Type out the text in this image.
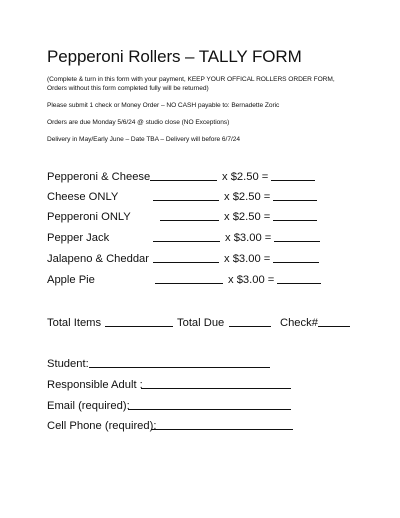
Pepperoni Rollers – TALLY FORM
(Complete & turn in this form with your payment, KEEP YOUR OFFICAL ROLLERS ORDER FORM,
Orders without this form completed fully will be returned)
Please submit 1 check or Money Order – NO CASH payable to: Bernadette Zoric
Orders are due Monday 5/6/24 @ studio close (NO Exceptions)
Delivery in May/Early June – Date TBA – Delivery will before 6/7/24
Pepperoni & Cheese	x $2.50 =
Cheese ONLY	x $2.50 =
Pepperoni ONLY	x $2.50 =
Pepper Jack	x $3.00 =
Jalapeno & Cheddar	x $3.00 =
Apple Pie	x $3.00 =
Total Items	Total Due	Check#
Student:
Responsible Adult :
Email (required):
Cell Phone (required):
